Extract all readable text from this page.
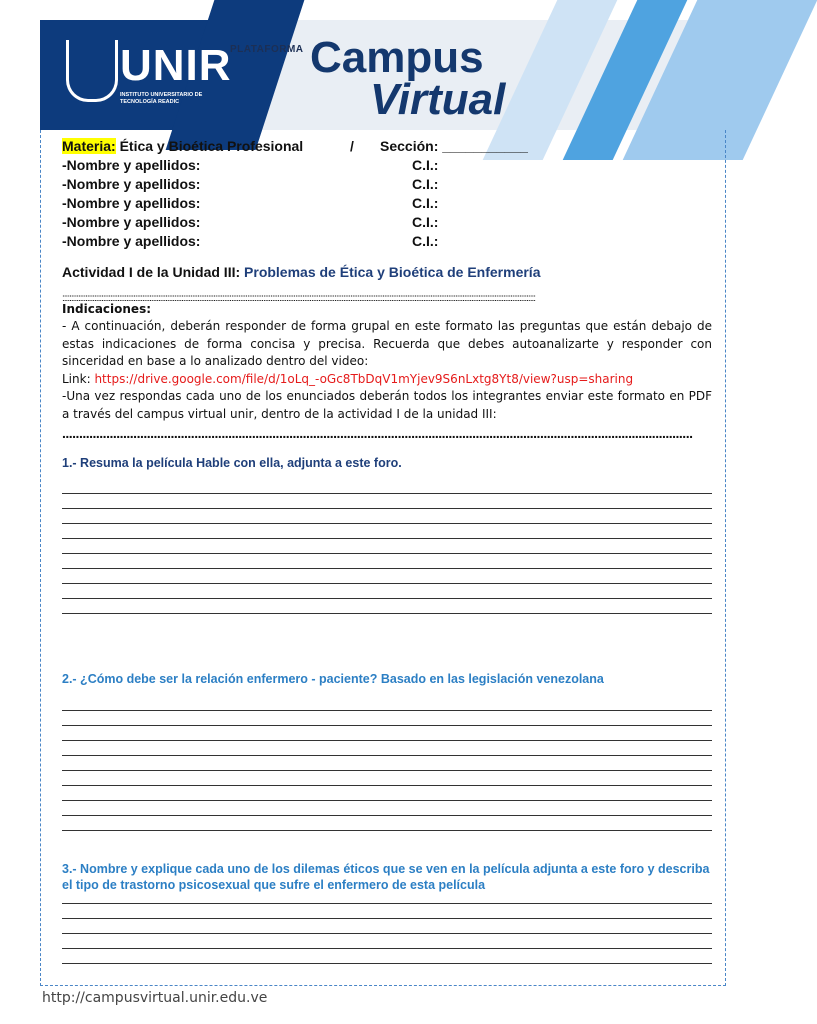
UNIR
INSTITUTO UNIVERSITARIO DE TECNOLOGÍA READIC
PLATAFORMA Campus
Virtual
Materia: Ética y Bioética Profesional	/ Sección: ___________
-Nombre y apellidos:	C.I.:
-Nombre y apellidos:	C.I.:
-Nombre y apellidos:	C.I.:
-Nombre y apellidos:	C.I.:
-Nombre y apellidos:	C.I.:
Actividad I de la Unidad III: Problemas de Ética y Bioética de Enfermería
::::::::::::::::::::::::::::::::::::::::::::::::::::::::::::::::::::::::::::::::::::::::::::::::::::::::::::::::::::::::::::::::::::::::::::::::::::::::::::::::::::::::::::::::::::::::::::::::::::::::::::::::::::::::::::::::::::::::::::::::::::::::::::::::::::::::::
Indicaciones:
- A continuación, deberán responder de forma grupal en este formato las preguntas que están debajo de estas indicaciones de forma concisa y precisa. Recuerda que debes autoanalizarte y responder con sinceridad en base a lo analizado dentro del video:
Link: https://drive.google.com/file/d/1oLq_-oGc8TbDqV1mYjev9S6nLxtg8Yt8/view?usp=sharing
-Una vez respondas cada uno de los enunciados deberán todos los integrantes enviar este formato en PDF a través del campus virtual unir, dentro de la actividad I de la unidad III:
..........................................................................................................................................................................................
1.- Resuma la película Hable con ella, adjunta a este foro.
2.- ¿Cómo debe ser la relación enfermero - paciente? Basado en las legislación venezolana
3.- Nombre y explique cada uno de los dilemas éticos que se ven en la película adjunta a este foro y describa el tipo de trastorno psicosexual que sufre el enfermero de esta película
http://campusvirtual.unir.edu.ve
